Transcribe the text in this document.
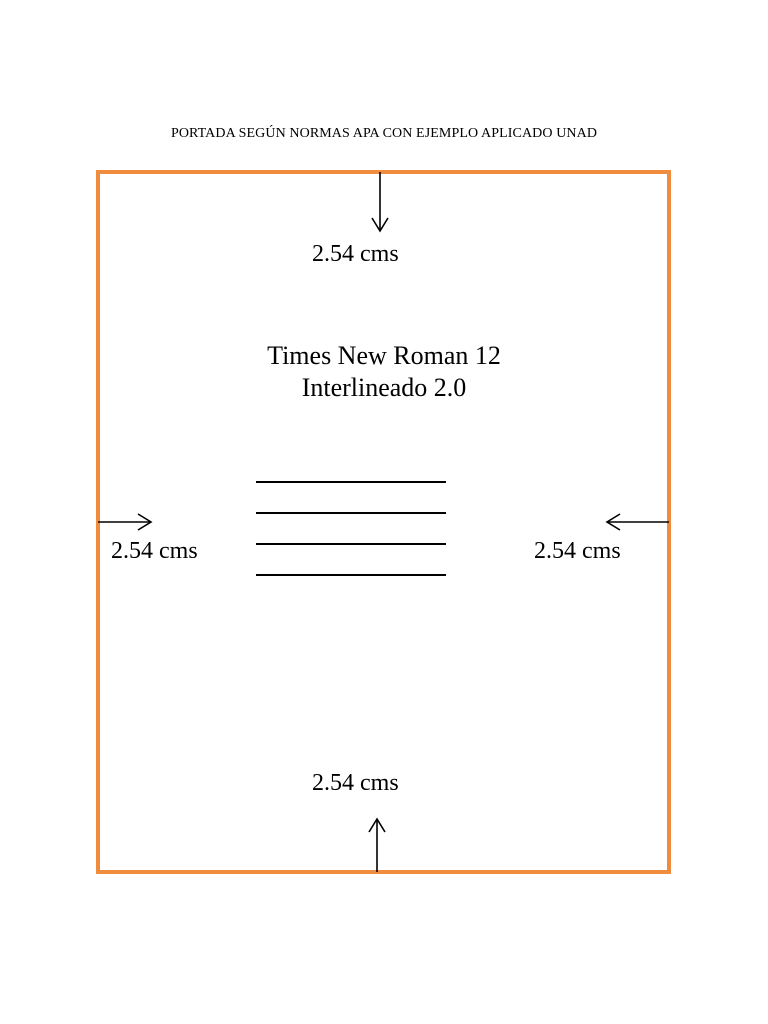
PORTADA SEGÚN NORMAS APA CON EJEMPLO APLICADO UNAD
2.54 cms
2.54 cms	2.54 cms
2.54 cms
Times New Roman 12
Interlineado 2.0
